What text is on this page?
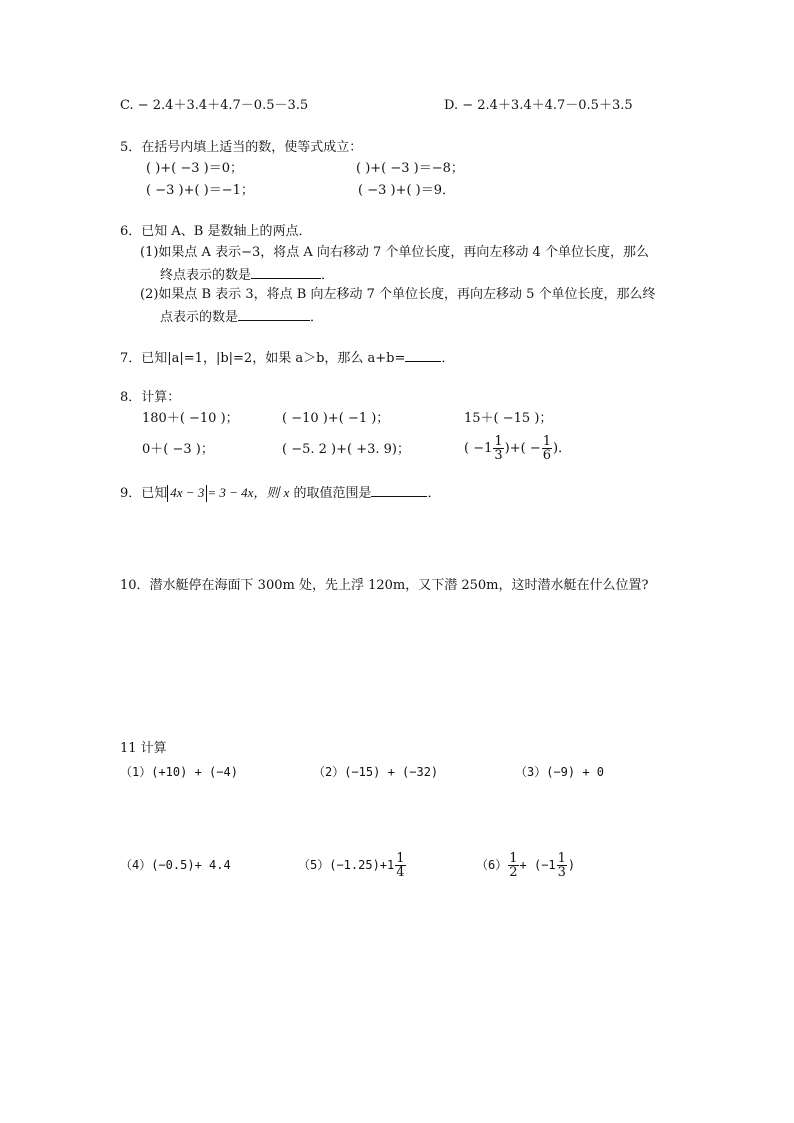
C. − 2.4＋3.4＋4.7－0.5－3.5	D. − 2.4＋3.4＋4.7－0.5＋3.5
5．在括号内填上适当的数，使等式成立：
( )+( −3 )＝0；	( )+( −3 )＝−8；
( −3 )+( )＝−1；	( −3 )+( )＝9．
6．已知 A、B 是数轴上的两点．
(1)如果点 A 表示−3，将点 A 向右移动 7 个单位长度，再向左移动 4 个单位长度，那么
终点表示的数是	．
(2)如果点 B 表示 3，将点 B 向左移动 7 个单位长度，再向左移动 5 个单位长度，那么终
点表示的数是	．
7．已知|a|=1，|b|=2，如果 a＞b，那么 a+b=	．
8．计算：
180＋( −10 )；	( −10 )+( −1 )；	15＋( −15 )；
0＋( −3 )；	( −5. 2 )+( +3. 9)；	( $-1 \frac{1}{3}$ )+( − $\frac{1}{6}$ )．
9．已知 4x − 3 = 3 − 4x，则 x 的取值范围是	．
10．潜水艇停在海面下 300m 处，先上浮 120m，又下潜 250m，这时潜水艇在什么位置?
11 计算
（1）(+10) + (−4)	（2）(−15) + (−32)	（3）(−9) + 0
（4）(−0.5)+ 4.4	$(5)(-1.25)+1 \frac{1}{4}$	$(6) \frac{1}{2} + (-1 \frac{1}{3}$ )
